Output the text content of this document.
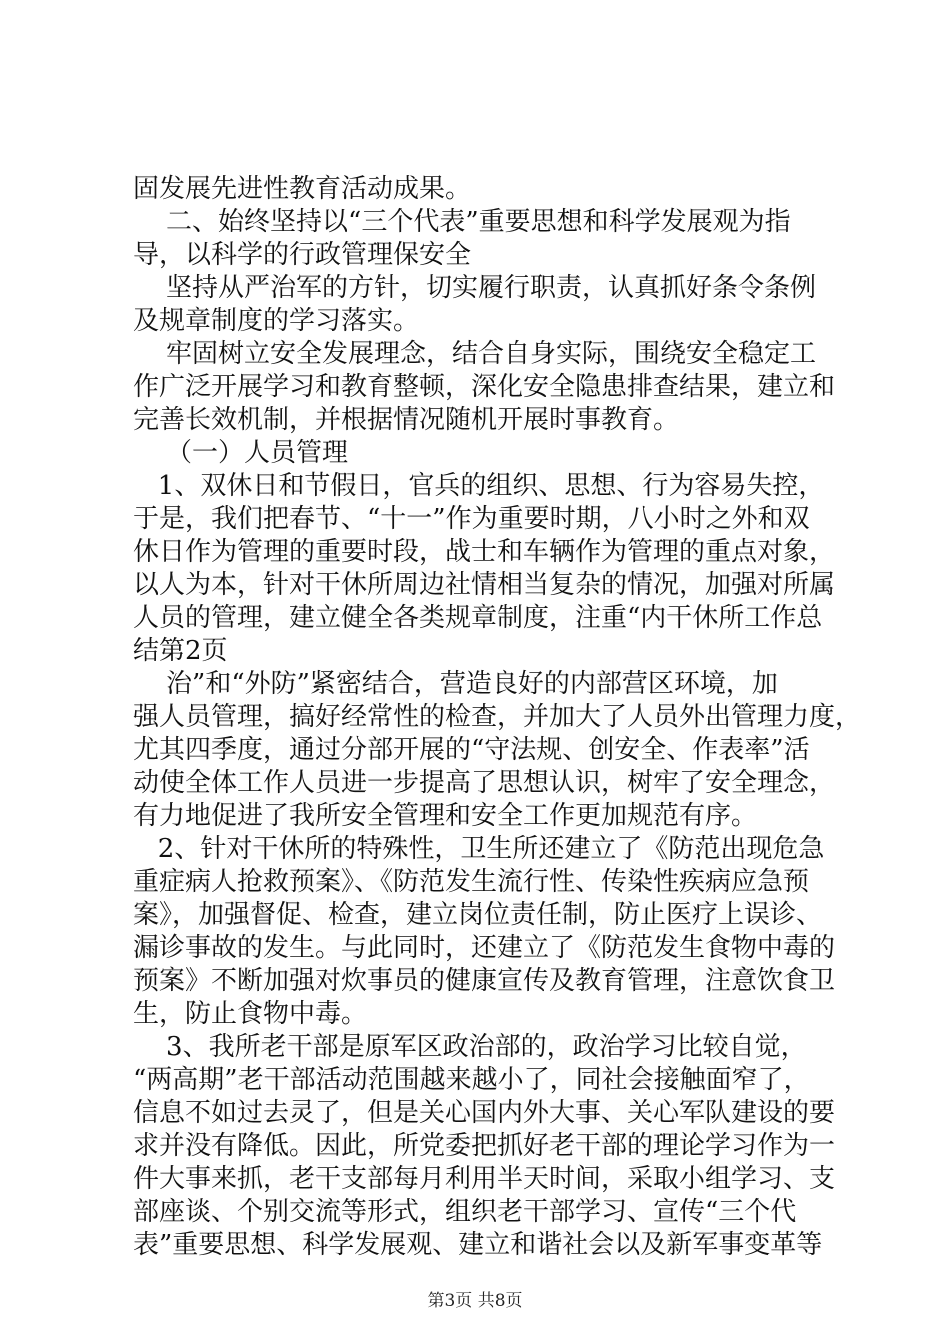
固发展先进性教育活动成果。
二、始终坚持以“三个代表”重要思想和科学发展观为指
导，以科学的行政管理保安全
坚持从严治军的方针，切实履行职责，认真抓好条令条例
及规章制度的学习落实。
牢固树立安全发展理念，结合自身实际，围绕安全稳定工
作广泛开展学习和教育整顿，深化安全隐患排查结果，建立和
完善长效机制，并根据情况随机开展时事教育。
（一）人员管理
1、双休日和节假日，官兵的组织、思想、行为容易失控，
于是，我们把春节、“十一”作为重要时期，八小时之外和双
休日作为管理的重要时段，战士和车辆作为管理的重点对象，
以人为本，针对干休所周边社情相当复杂的情况，加强对所属
人员的管理，建立健全各类规章制度，注重“内干休所工作总
结第2页
治”和“外防”紧密结合，营造良好的内部营区环境，加
强人员管理，搞好经常性的检查，并加大了人员外出管理力度，
尤其四季度，通过分部开展的“守法规、创安全、作表率”活
动使全体工作人员进一步提高了思想认识，树牢了安全理念，
有力地促进了我所安全管理和安全工作更加规范有序。
2、针对干休所的特殊性，卫生所还建立了《防范出现危急
重症病人抢救预案》、《防范发生流行性、传染性疾病应急预
案》，加强督促、检查，建立岗位责任制，防止医疗上误诊、
漏诊事故的发生。与此同时，还建立了《防范发生食物中毒的
预案》不断加强对炊事员的健康宣传及教育管理，注意饮食卫
生，防止食物中毒。
3、我所老干部是原军区政治部的，政治学习比较自觉，
“两高期”老干部活动范围越来越小了，同社会接触面窄了，
信息不如过去灵了，但是关心国内外大事、关心军队建设的要
求并没有降低。因此，所党委把抓好老干部的理论学习作为一
件大事来抓，老干支部每月利用半天时间，采取小组学习、支
部座谈、个别交流等形式，组织老干部学习、宣传“三个代
表”重要思想、科学发展观、建立和谐社会以及新军事变革等
第3页 共8页
